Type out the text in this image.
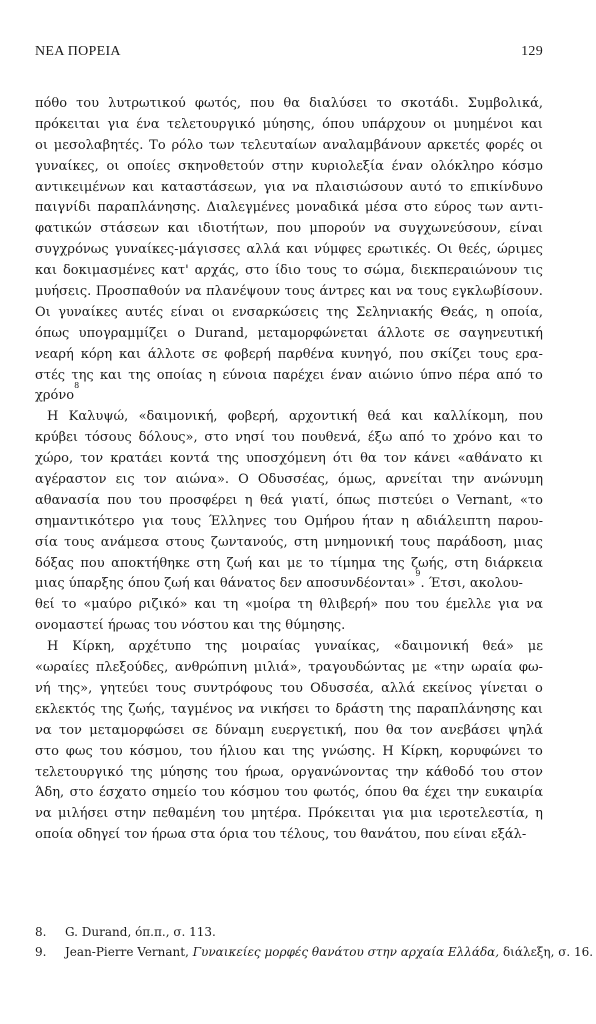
ΝΕΑ ΠΟΡΕΙΑ	129
πόθο του λυτρωτικού φωτός, που θα διαλύσει το σκοτάδι. Συμβολικά,
πρόκειται για ένα τελετουργικό μύησης, όπου υπάρχουν οι μυημένοι και
οι μεσολαβητές. Το ρόλο των τελευταίων αναλαμβάνουν αρκετές φορές οι
γυναίκες, οι οποίες σκηνοθετούν στην κυριολεξία έναν ολόκληρο κόσμο
αντικειμένων και καταστάσεων, για να πλαισιώσουν αυτό το επικίνδυνο
παιγνίδι παραπλάνησης. Διαλεγμένες μοναδικά μέσα στο εύρος των αντι-
φατικών στάσεων και ιδιοτήτων, που μπορούν να συγχωνεύσουν, είναι
συγχρόνως γυναίκες-μάγισσες αλλά και νύμφες ερωτικές. Οι θεές, ώριμες
και δοκιμασμένες κατ' αρχάς, στο ίδιο τους το σώμα, διεκπεραιώνουν τις
μυήσεις. Προσπαθούν να πλανέψουν τους άντρες και να τους εγκλωβίσουν.
Οι γυναίκες αυτές είναι οι ενσαρκώσεις της Σεληνιακής Θεάς, η οποία,
όπως υπογραμμίζει ο Durand, μεταμορφώνεται άλλοτε σε σαγηνευτική
νεαρή κόρη και άλλοτε σε φοβερή παρθένα κυνηγό, που σκίζει τους ερα-
στές της και της οποίας η εύνοια παρέχει έναν αιώνιο ύπνο πέρα από το
χρόνο
8
Η Καλυψώ, «δαιμονική, φοβερή, αρχοντική θεά και καλλίκομη, που
κρύβει τόσους δόλους», στο νησί του πουθενά, έξω από το χρόνο και το
χώρο, τον κρατάει κοντά της υποσχόμενη ότι θα τον κάνει «αθάνατο κι
αγέραστον εις τον αιώνα». Ο Οδυσσέας, όμως, αρνείται την ανώνυμη
αθανασία που του προσφέρει η θεά γιατί, όπως πιστεύει ο Vernant, «το
σημαντικότερο για τους Έλληνες του Ομήρου ήταν η αδιάλειπτη παρου-
σία τους ανάμεσα στους ζωντανούς, στη μνημονική τους παράδοση, μιας
δόξας που αποκτήθηκε στη ζωή και με το τίμημα της ζωής, στη διάρκεια
μιας ύπαρξης όπου ζωή και θάνατος δεν αποσυνδέονται»
9
. Έτσι, ακολου-
θεί το «μαύρο ριζικό» και τη «μοίρα τη θλιβερή» που του έμελλε για να
ονομαστεί ήρωας του νόστου και της θύμησης.
Η Κίρκη, αρχέτυπο της μοιραίας γυναίκας, «δαιμονική θεά» με
«ωραίες πλεξούδες, ανθρώπινη μιλιά», τραγουδώντας με «την ωραία φω-
νή της», γητεύει τους συντρόφους του Οδυσσέα, αλλά εκείνος γίνεται ο
εκλεκτός της ζωής, ταγμένος να νικήσει το δράστη της παραπλάνησης και
να τον μεταμορφώσει σε δύναμη ευεργετική, που θα τον ανεβάσει ψηλά
στο φως του κόσμου, του ήλιου και της γνώσης. Η Κίρκη, κορυφώνει το
τελετουργικό της μύησης του ήρωα, οργανώνοντας την κάθοδό του στον
Άδη, στο έσχατο σημείο του κόσμου του φωτός, όπου θα έχει την ευκαιρία
να μιλήσει στην πεθαμένη του μητέρα. Πρόκειται για μια ιεροτελεστία, η
οποία οδηγεί τον ήρωα στα όρια του τέλους, του θανάτου, που είναι εξάλ-
8.	G. Durand, όπ.π., σ. 113.
9.	Jean-Pierre Vernant, Γυναικείες μορφές θανάτου στην αρχαία Ελλάδα, διάλεξη, σ. 16.
